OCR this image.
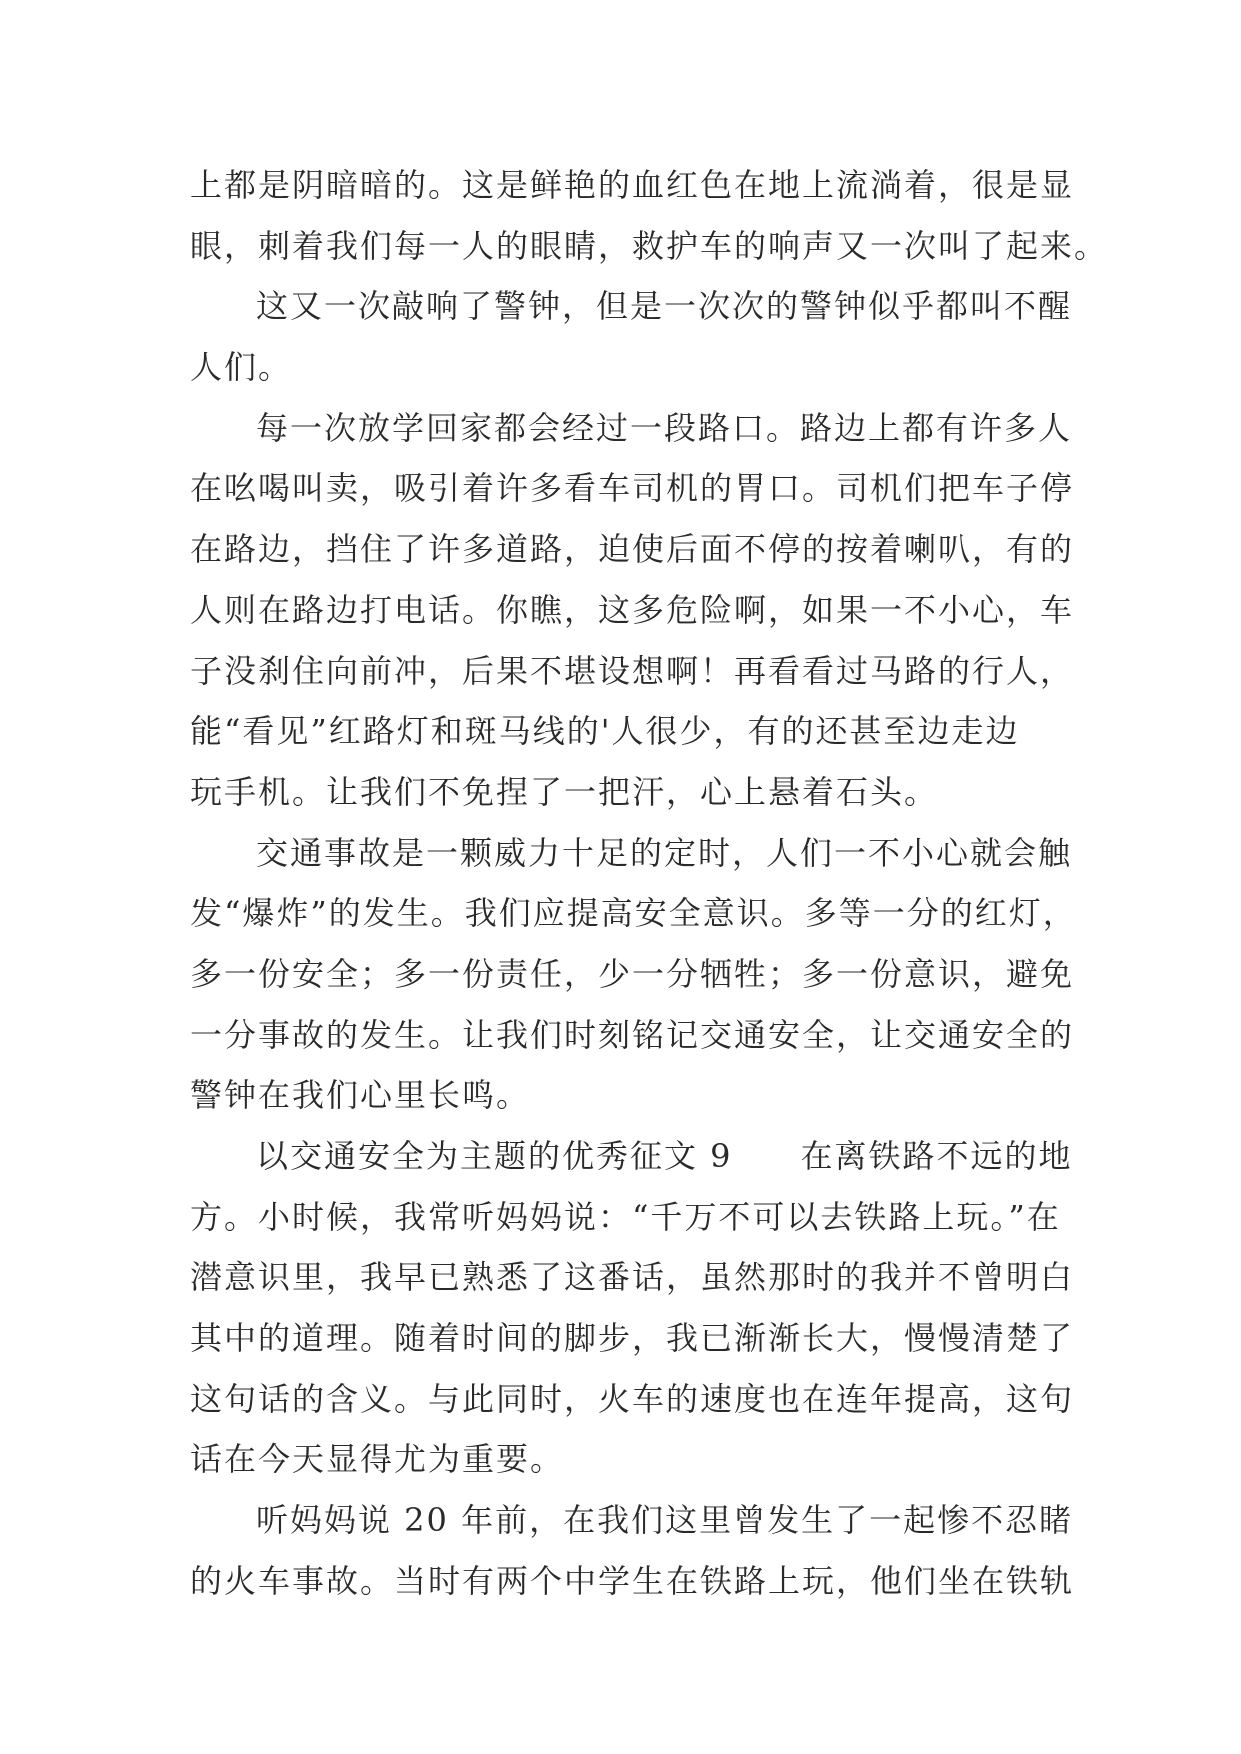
上都是阴暗暗的。这是鲜艳的血红色在地上流淌着，很是显
眼，刺着我们每一人的眼睛，救护车的响声又一次叫了起来。
这又一次敲响了警钟，但是一次次的警钟似乎都叫不醒
人们。
每一次放学回家都会经过一段路口。路边上都有许多人
在吆喝叫卖，吸引着许多看车司机的胃口。司机们把车子停
在路边，挡住了许多道路，迫使后面不停的按着喇叭，有的
人则在路边打电话。你瞧，这多危险啊，如果一不小心，车
子没刹住向前冲，后果不堪设想啊！再看看过马路的行人，
能“看见”红路灯和斑马线的'人很少，有的还甚至边走边
玩手机。让我们不免捏了一把汗，心上悬着石头。
交通事故是一颗威力十足的定时，人们一不小心就会触
发“爆炸”的发生。我们应提高安全意识。多等一分的红灯，
多一份安全；多一份责任，少一分牺牲；多一份意识，避免
一分事故的发生。让我们时刻铭记交通安全，让交通安全的
警钟在我们心里长鸣。
以交通安全为主题的优秀征文 9　　在离铁路不远的地
方。小时候，我常听妈妈说：“千万不可以去铁路上玩。”在
潜意识里，我早已熟悉了这番话，虽然那时的我并不曾明白
其中的道理。随着时间的脚步，我已渐渐长大，慢慢清楚了
这句话的含义。与此同时，火车的速度也在连年提高，这句
话在今天显得尤为重要。
听妈妈说 20 年前，在我们这里曾发生了一起惨不忍睹
的火车事故。当时有两个中学生在铁路上玩，他们坐在铁轨
